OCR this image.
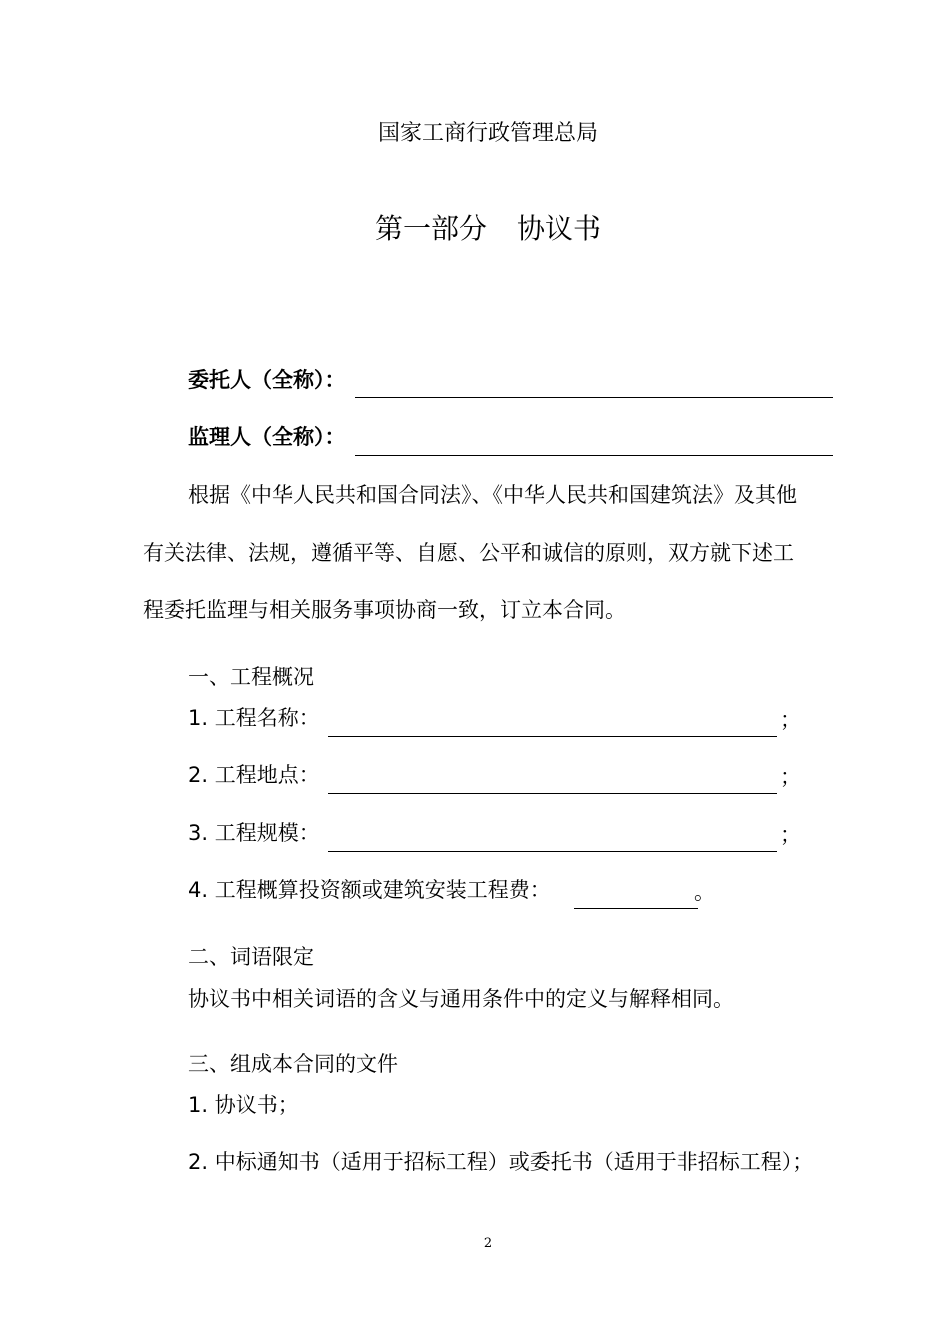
国家工商行政管理总局
第一部分 协议书
委托人（全称）：
监理人（全称）：
根据《中华人民共和国合同法》、《中华人民共和国建筑法》及其他
有关法律、法规，遵循平等、自愿、公平和诚信的原则，双方就下述工
程委托监理与相关服务事项协商一致，订立本合同。
一、工程概况
1. 工程名称：	；
2. 工程地点：	；
3. 工程规模：	；
4. 工程概算投资额或建筑安装工程费：	。
二、词语限定
协议书中相关词语的含义与通用条件中的定义与解释相同。
三、组成本合同的文件
1. 协议书；
2. 中标通知书（适用于招标工程）或委托书（适用于非招标工程）；
2
